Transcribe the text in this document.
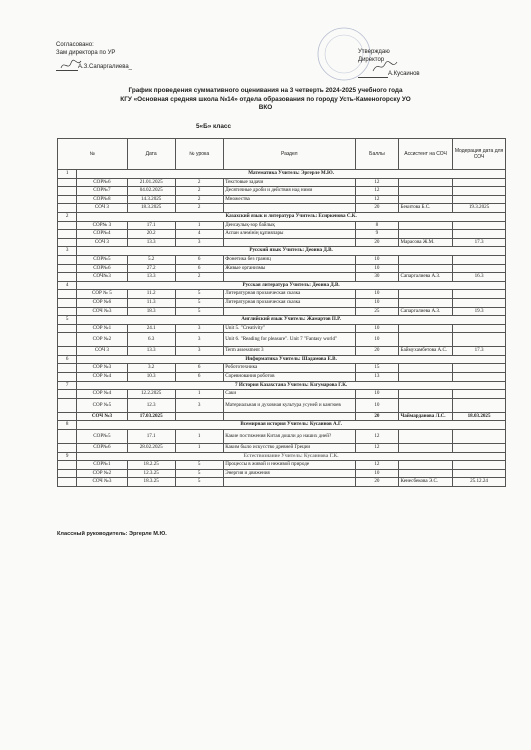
Согласовано:
Зам директора по УР
А.З.Сапаргалиева_
Утверждаю
Директор
А.Кусаинов
График проведения суммативного оценивания на 3 четверть 2024-2025 учебного года
КГУ «Основная средняя школа №14» отдела образования по городу Усть-Каменогорску УО
ВКО
5«Б» класс
№		Дата	№ урока	Раздел	Баллы	Ассистент на СОЧ	Модерация дата для СОЧ
1	Математика Учитель: Эргерле М.Ю.						
	СОР№6	21.01.2025	2	Текстовые задачи	12		
	СОР№7	04.02.2025	2	Десятичные дроби и действия над ними	12		
	СОР№8	14.3.2025	2	Множества	12		
	СОЧ 3	18.3.2025	2		20	Бекитова Б.С.	19.3.2025
2	Казахский язык и литература Учитель: Есиркенова С.К.						
	СОР№ 3	17.1	1	Денсаулық-зор байлық	8		
	СОР№4	20.2	4	Аспан әлемінің құпиялары	9		
	СОЧ 3	13.3	3		20	Марасова Ж.М.	17.3
3	Русский язык Учитель: Деоина Д.В.						
	СОР№5	5.2	6	Фонетика без границ	10		
	СОР№6	27.2	6	Живые организмы	10		
	СОЧ№3	13.3	2		30	Сапаргалиева А.З.	16.3
4	Русская литература Учитель: Деоина Д.В.						
	СОР № 5	11.2	5	Литературная прозаическая сказка	10		
	СОР №6	11.3	5	Литературная прозаическая сказка	10		
	СОЧ №3	18.3	5		25	Сапаргалиева А.З.	19.3
5	Английский язык Учитель: Жамартов П.Р.						
	СОР №1	24.1	3	Unit 5. "Creativity"	10		
	СОР №2	6.3	3	Unit 6. "Reading for pleasure". Unit 7 "Fantasy world"	10		
	СОЧ 3	13.3	3	Term assessment 3	20	Баймухамбетова А.С.	17.3
6	Информатика Учитель: Шадамова Е.В.						
	СОР №3	3.2	6	Робототехника	15		
	СОР №4	10.3	6	Соревнования роботов	13		
7	7 История Казахстана Учитель: Кзгумарова Г.К.						
	СОР №4	12.2.2025	1	Саки	10		
	СОР №5	12.3	3	Материальная и духовная культура усуней и кангюев	10		
	СОЧ №3	17.03.2025			20	Чаймарданова Л.С.	18.03.2025
8	Всемирная история Учитель: Кусаинов А.Г.						
	СОР№5	17.1	1	Какие постижения Китая дошли до наших дней?	12		
	СОР№6	28.02.2025	1	Каким было искусство древней Греции	12		
9	Естествознание Учитель: Кусаинова Г.К.						
	СОР№1	18.2.25	5	Процессы в живой и неживой природе	12		
	СОР №2	12.3.25	5	Энергия и движения	10		
	СОЧ №3	18.3.25	5		20	Кенесбекова Э.С.	25.12.24
Классный руководитель: Эргерле М.Ю.
